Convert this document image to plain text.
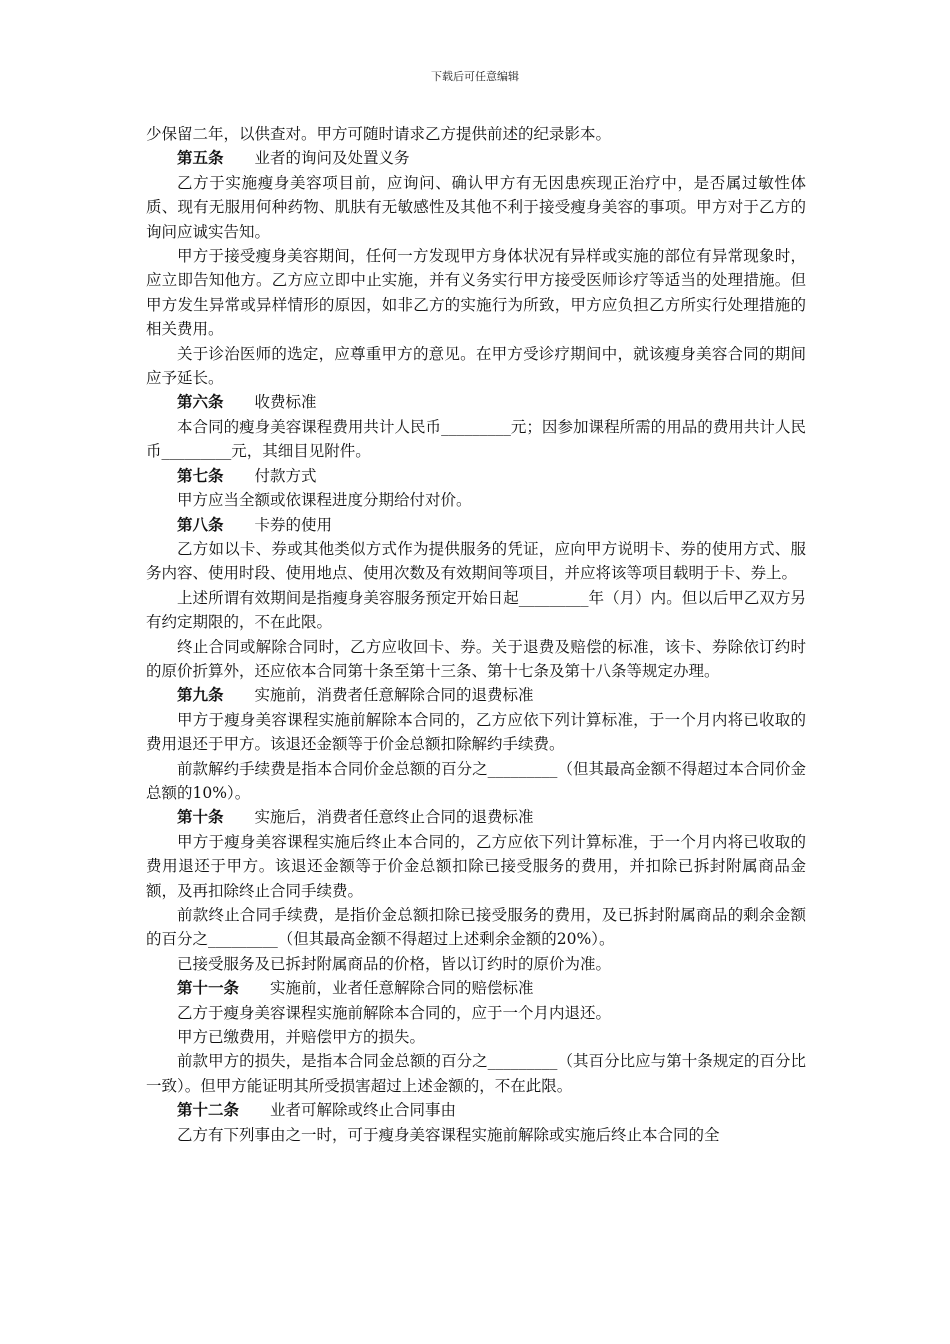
下载后可任意编辑
少保留二年，以供查对。甲方可随时请求乙方提供前述的纪录影本。
第五条 业者的询问及处置义务
乙方于实施瘦身美容项目前，应询问、确认甲方有无因患疾现正治疗中，是否属过敏性体质、现有无服用何种药物、肌肤有无敏感性及其他不利于接受瘦身美容的事项。甲方对于乙方的询问应诚实告知。
甲方于接受瘦身美容期间，任何一方发现甲方身体状况有异样或实施的部位有异常现象时，应立即告知他方。乙方应立即中止实施，并有义务实行甲方接受医师诊疗等适当的处理措施。但甲方发生异常或异样情形的原因，如非乙方的实施行为所致，甲方应负担乙方所实行处理措施的相关费用。
关于诊治医师的选定，应尊重甲方的意见。在甲方受诊疗期间中，就该瘦身美容合同的期间应予延长。
第六条 收费标准
本合同的瘦身美容课程费用共计人民币_________元；因参加课程所需的用品的费用共计人民币_________元，其细目见附件。
第七条 付款方式
甲方应当全额或依课程进度分期给付对价。
第八条 卡券的使用
乙方如以卡、券或其他类似方式作为提供服务的凭证，应向甲方说明卡、券的使用方式、服务内容、使用时段、使用地点、使用次数及有效期间等项目，并应将该等项目载明于卡、券上。
上述所谓有效期间是指瘦身美容服务预定开始日起_________年（月）内。但以后甲乙双方另有约定期限的，不在此限。
终止合同或解除合同时，乙方应收回卡、券。关于退费及赔偿的标准，该卡、券除依订约时的原价折算外，还应依本合同第十条至第十三条、第十七条及第十八条等规定办理。
第九条 实施前，消费者任意解除合同的退费标准
甲方于瘦身美容课程实施前解除本合同的，乙方应依下列计算标准，于一个月内将已收取的费用退还于甲方。该退还金额等于价金总额扣除解约手续费。
前款解约手续费是指本合同价金总额的百分之_________（但其最高金额不得超过本合同价金总额的10%）。
第十条 实施后，消费者任意终止合同的退费标准
甲方于瘦身美容课程实施后终止本合同的，乙方应依下列计算标准，于一个月内将已收取的费用退还于甲方。该退还金额等于价金总额扣除已接受服务的费用，并扣除已拆封附属商品金额，及再扣除终止合同手续费。
前款终止合同手续费，是指价金总额扣除已接受服务的费用，及已拆封附属商品的剩余金额的百分之_________（但其最高金额不得超过上述剩余金额的20%）。
已接受服务及已拆封附属商品的价格，皆以订约时的原价为准。
第十一条 实施前，业者任意解除合同的赔偿标准
乙方于瘦身美容课程实施前解除本合同的，应于一个月内退还。
甲方已缴费用，并赔偿甲方的损失。
前款甲方的损失，是指本合同金总额的百分之_________（其百分比应与第十条规定的百分比一致）。但甲方能证明其所受损害超过上述金额的，不在此限。
第十二条 业者可解除或终止合同事由
乙方有下列事由之一时，可于瘦身美容课程实施前解除或实施后终止本合同的全
